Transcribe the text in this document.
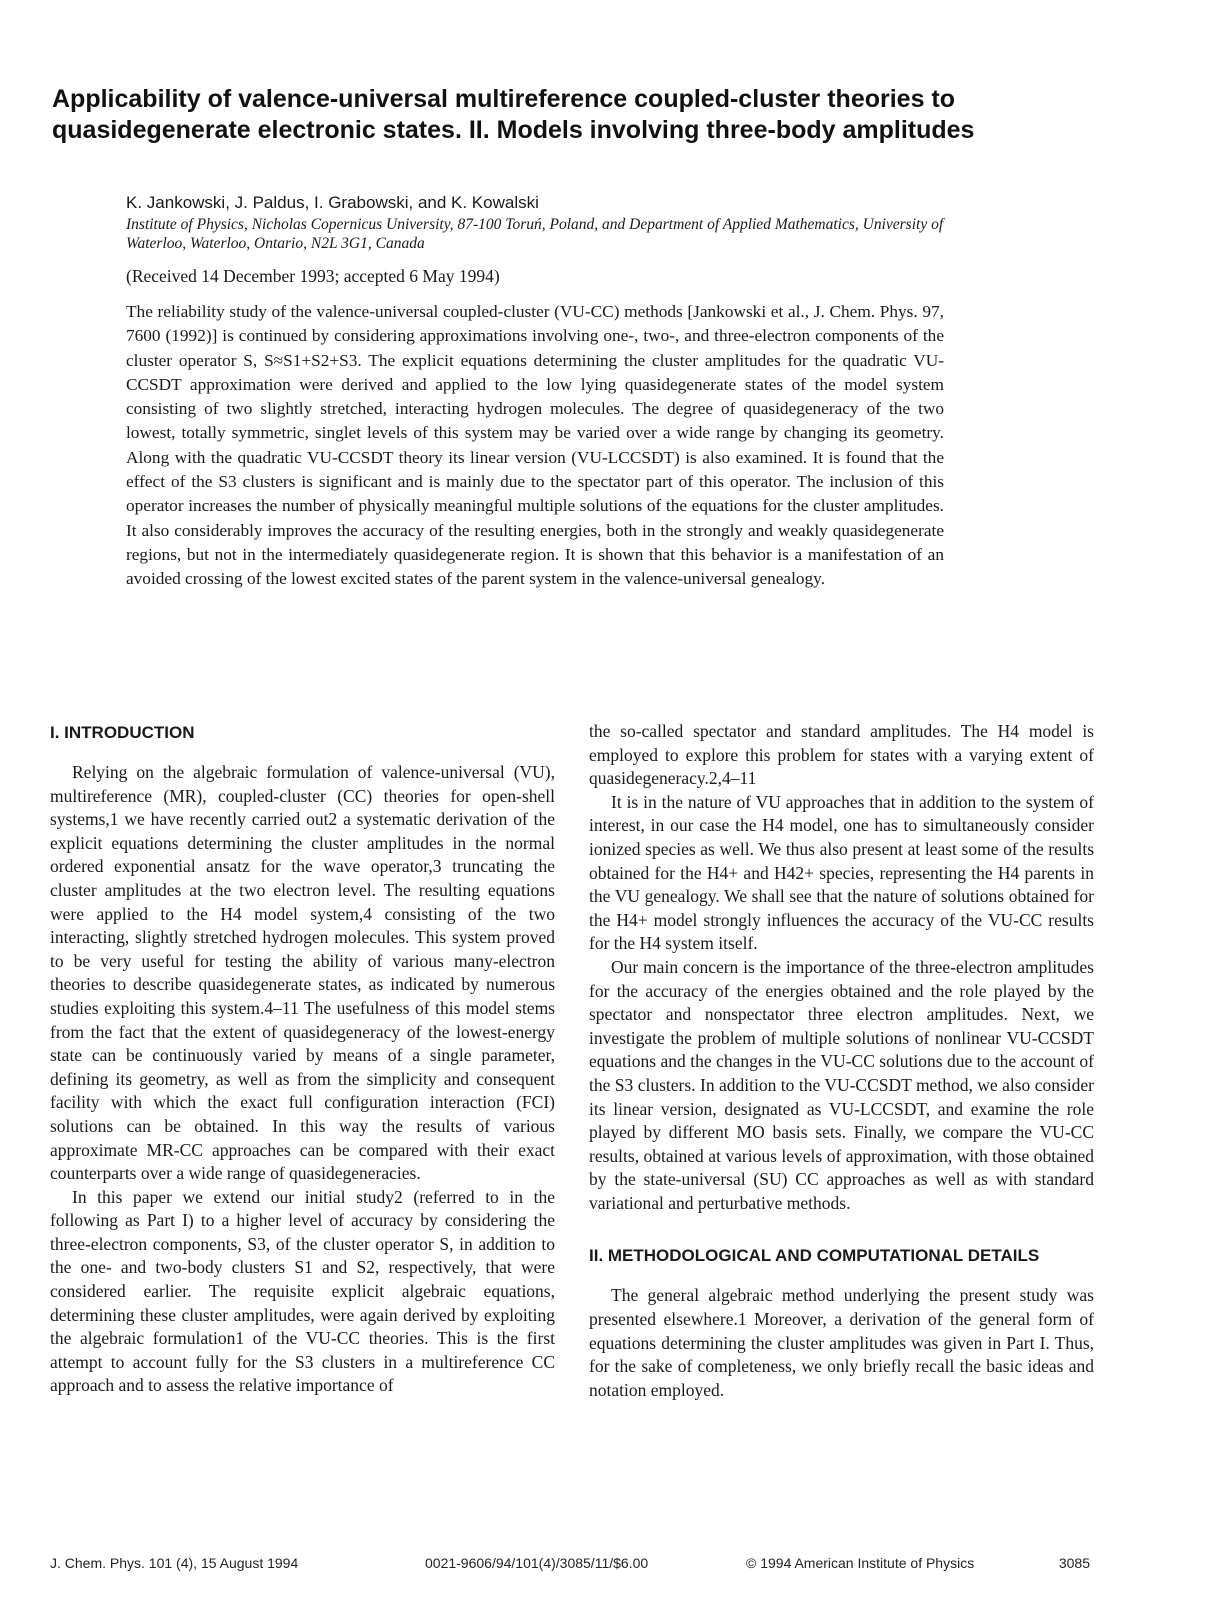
Applicability of valence-universal multireference coupled-cluster theories to quasidegenerate electronic states. II. Models involving three-body amplitudes

K. Jankowski, J. Paldus, I. Grabowski, and K. Kowalski

Institute of Physics, Nicholas Copernicus University, 87-100 Toruń, Poland, and Department of Applied Mathematics, University of Waterloo, Waterloo, Ontario, N2L 3G1, Canada

(Received 14 December 1993; accepted 6 May 1994)

The reliability study of the valence-universal coupled-cluster (VU-CC) methods [Jankowski et al., J. Chem. Phys. 97, 7600 (1992)] is continued by considering approximations involving one-, two-, and three-electron components of the cluster operator S, S≈S1+S2+S3. The explicit equations determining the cluster amplitudes for the quadratic VU-CCSDT approximation were derived and applied to the low lying quasidegenerate states of the model system consisting of two slightly stretched, interacting hydrogen molecules. The degree of quasidegeneracy of the two lowest, totally symmetric, singlet levels of this system may be varied over a wide range by changing its geometry. Along with the quadratic VU-CCSDT theory its linear version (VU-LCCSDT) is also examined. It is found that the effect of the S3 clusters is significant and is mainly due to the spectator part of this operator. The inclusion of this operator increases the number of physically meaningful multiple solutions of the equations for the cluster amplitudes. It also considerably improves the accuracy of the resulting energies, both in the strongly and weakly quasidegenerate regions, but not in the intermediately quasidegenerate region. It is shown that this behavior is a manifestation of an avoided crossing of the lowest excited states of the parent system in the valence-universal genealogy.

I. INTRODUCTION

Relying on the algebraic formulation of valence-universal (VU), multireference (MR), coupled-cluster (CC) theories for open-shell systems,1 we have recently carried out2 a systematic derivation of the explicit equations determining the cluster amplitudes in the normal ordered exponential ansatz for the wave operator,3 truncating the cluster amplitudes at the two electron level. The resulting equations were applied to the H4 model system,4 consisting of the two interacting, slightly stretched hydrogen molecules. This system proved to be very useful for testing the ability of various many-electron theories to describe quasidegenerate states, as indicated by numerous studies exploiting this system.4–11 The usefulness of this model stems from the fact that the extent of quasidegeneracy of the lowest-energy state can be continuously varied by means of a single parameter, defining its geometry, as well as from the simplicity and consequent facility with which the exact full configuration interaction (FCI) solutions can be obtained. In this way the results of various approximate MR-CC approaches can be compared with their exact counterparts over a wide range of quasidegeneracies.

In this paper we extend our initial study2 (referred to in the following as Part I) to a higher level of accuracy by considering the three-electron components, S3, of the cluster operator S, in addition to the one- and two-body clusters S1 and S2, respectively, that were considered earlier. The requisite explicit algebraic equations, determining these cluster amplitudes, were again derived by exploiting the algebraic formulation1 of the VU-CC theories. This is the first attempt to account fully for the S3 clusters in a multireference CC approach and to assess the relative importance of

the so-called spectator and standard amplitudes. The H4 model is employed to explore this problem for states with a varying extent of quasidegeneracy.2,4–11

It is in the nature of VU approaches that in addition to the system of interest, in our case the H4 model, one has to simultaneously consider ionized species as well. We thus also present at least some of the results obtained for the H4+ and H42+ species, representing the H4 parents in the VU genealogy. We shall see that the nature of solutions obtained for the H4+ model strongly influences the accuracy of the VU-CC results for the H4 system itself.

Our main concern is the importance of the three-electron amplitudes for the accuracy of the energies obtained and the role played by the spectator and nonspectator three electron amplitudes. Next, we investigate the problem of multiple solutions of nonlinear VU-CCSDT equations and the changes in the VU-CC solutions due to the account of the S3 clusters. In addition to the VU-CCSDT method, we also consider its linear version, designated as VU-LCCSDT, and examine the role played by different MO basis sets. Finally, we compare the VU-CC results, obtained at various levels of approximation, with those obtained by the state-universal (SU) CC approaches as well as with standard variational and perturbative methods.

II. METHODOLOGICAL AND COMPUTATIONAL DETAILS

The general algebraic method underlying the present study was presented elsewhere.1 Moreover, a derivation of the general form of equations determining the cluster amplitudes was given in Part I. Thus, for the sake of completeness, we only briefly recall the basic ideas and notation employed.

J. Chem. Phys. 101 (4), 15 August 1994	0021-9606/94/101(4)/3085/11/$6.00	© 1994 American Institute of Physics	3085
